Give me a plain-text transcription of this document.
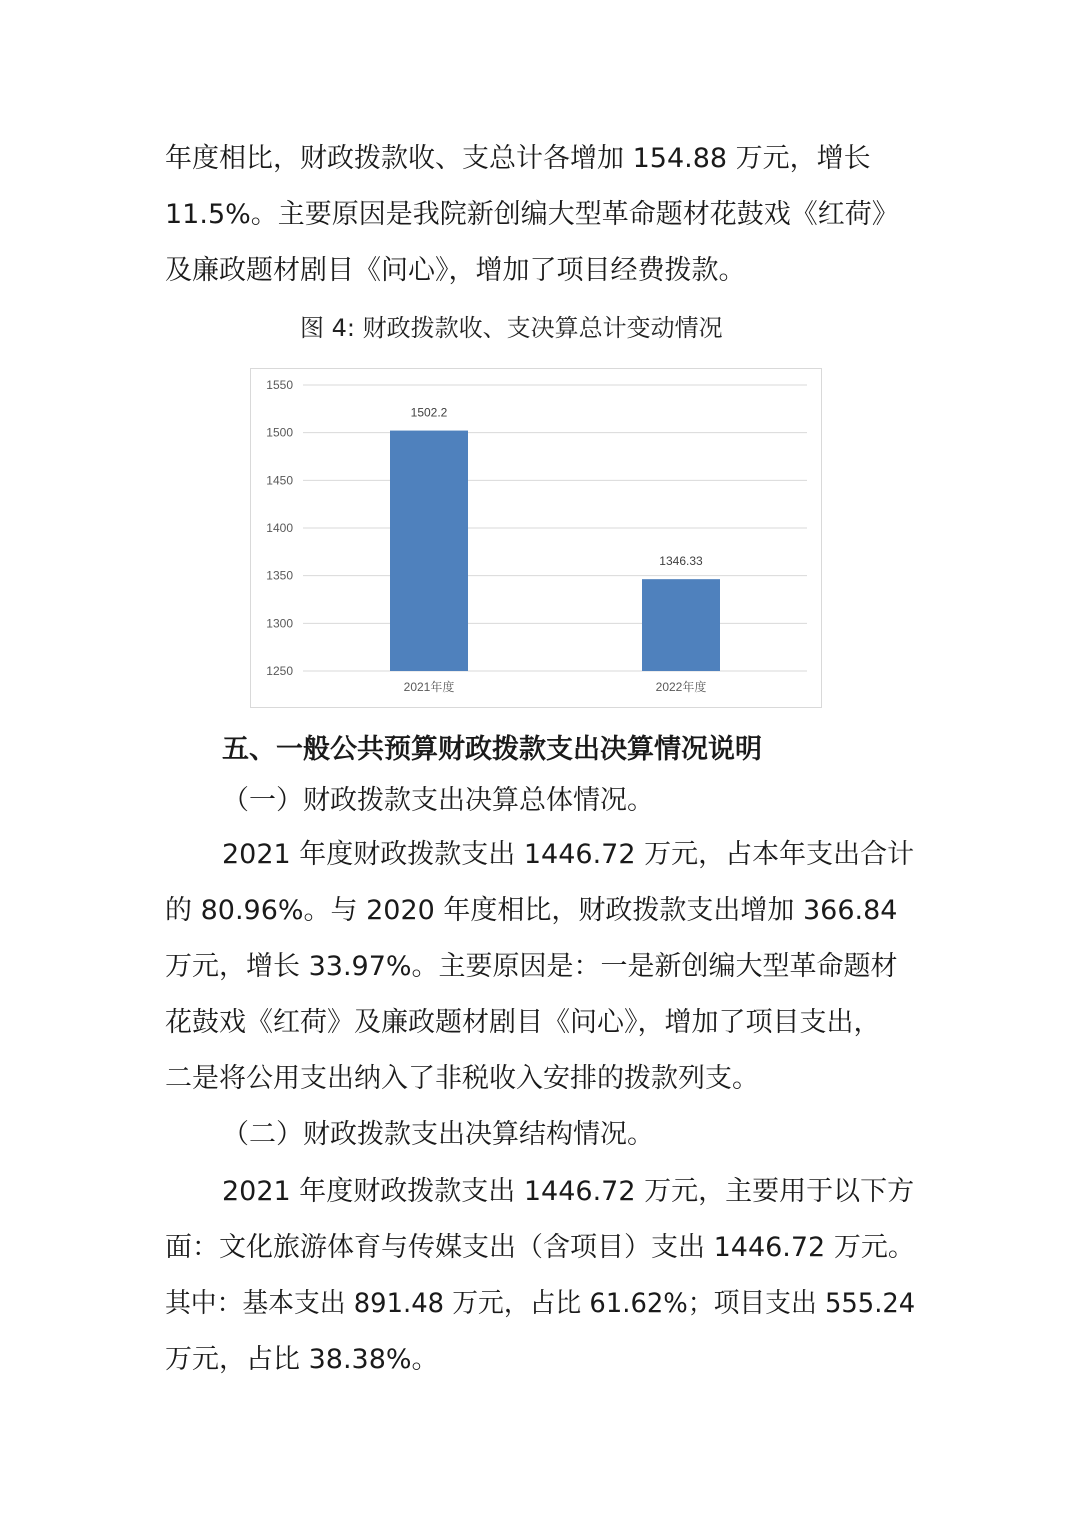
年度相比，财政拨款收、支总计各增加 154.88 万元，增长
11.5%。主要原因是我院新创编大型革命题材花鼓戏《红荷》
及廉政题材剧目《问心》，增加了项目经费拨款。
图 4: 财政拨款收、支决算总计变动情况
1250
1300
1350
1400
1450
1500
1550
1502.2
2021年度
1346.33
2022年度
五、一般公共预算财政拨款支出决算情况说明
（一）财政拨款支出决算总体情况。
2021 年度财政拨款支出 1446.72 万元，占本年支出合计
的 80.96%。与 2020 年度相比，财政拨款支出增加 366.84
万元，增长 33.97%。主要原因是：一是新创编大型革命题材
花鼓戏《红荷》及廉政题材剧目《问心》，增加了项目支出，
二是将公用支出纳入了非税收入安排的拨款列支。
（二）财政拨款支出决算结构情况。
2021 年度财政拨款支出 1446.72 万元，主要用于以下方
面：文化旅游体育与传媒支出（含项目）支出 1446.72 万元。
其中：基本支出 891.48 万元，占比 61.62%；项目支出 555.24
万元，占比 38.38%。
